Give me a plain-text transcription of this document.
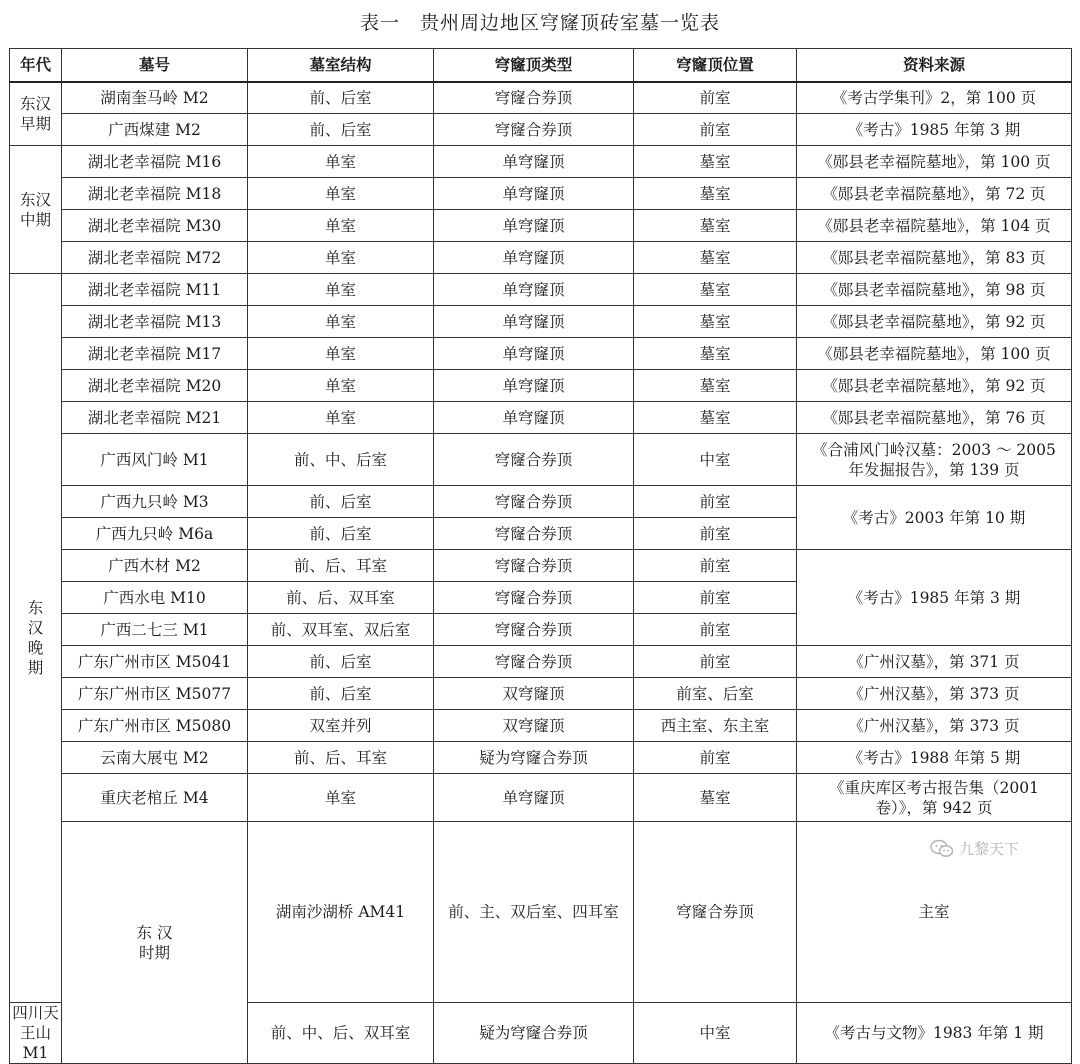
表一　贵州周边地区穹窿顶砖室墓一览表
年代	墓号	墓室结构	穹窿顶类型	穹窿顶位置	资料来源	

东汉
早期	湖南奎马岭 M2	前、后室	穹窿合券顶	前室	《考古学集刊》2，第 100 页	
	广西煤建 M2	前、后室	穹窿合券顶	前室	《考古》1985 年第 3 期	

东汉
中期	湖北老幸福院 M16	单室	单穹窿顶	墓室	《郧县老幸福院墓地》，第 100 页	
	湖北老幸福院 M18	单室	单穹窿顶	墓室	《郧县老幸福院墓地》，第 72 页	
	湖北老幸福院 M30	单室	单穹窿顶	墓室	《郧县老幸福院墓地》，第 104 页	
	湖北老幸福院 M72	单室	单穹窿顶	墓室	《郧县老幸福院墓地》，第 83 页	

东
汉
晚
期	湖北老幸福院 M11	单室	单穹窿顶	墓室	《郧县老幸福院墓地》，第 98 页	
	湖北老幸福院 M13	单室	单穹窿顶	墓室	《郧县老幸福院墓地》，第 92 页	
	湖北老幸福院 M17	单室	单穹窿顶	墓室	《郧县老幸福院墓地》，第 100 页	
	湖北老幸福院 M20	单室	单穹窿顶	墓室	《郧县老幸福院墓地》，第 92 页	
	湖北老幸福院 M21	单室	单穹窿顶	墓室	《郧县老幸福院墓地》，第 76 页	
	广西风门岭 M1	前、中、后室	穹窿合券顶	中室	《合浦风门岭汉墓：2003 ～ 2005
年发掘报告》，第 139 页	

	广西九只岭 M3	前、后室	穹窿合券顶	前室	《考古》2003 年第 10 期	
	广西九只岭 M6a	前、后室	穹窿合券顶	前室		
	广西木材 M2	前、后、耳室	穹窿合券顶	前室	《考古》1985 年第 3 期	
	广西水电 M10	前、后、双耳室	穹窿合券顶	前室		
	广西二七三 M1	前、双耳室、双后室	穹窿合券顶	前室		
	广东广州市区 M5041	前、后室	穹窿合券顶	前室	《广州汉墓》，第 371 页	
	广东广州市区 M5077	前、后室	双穹窿顶	前室、后室	《广州汉墓》，第 373 页	
	广东广州市区 M5080	双室并列	双穹窿顶	西主室、东主室	《广州汉墓》，第 373 页	
	云南大展屯 M2	前、后、耳室	疑为穹窿合券顶	前室	《考古》1988 年第 5 期	
	重庆老棺丘 M4	单室	单穹窿顶	墓室	《重庆库区考古报告集（2001
卷）》，第 942 页	

	东 汉
时期	湖南沙湖桥 AM41	前、主、双后室、四耳室	穹窿合券顶	主室	
四川天王山 M1		前、中、后、双耳室	疑为穹窿合券顶	中室	《考古与文物》1983 年第 1 期	
九黎天下
